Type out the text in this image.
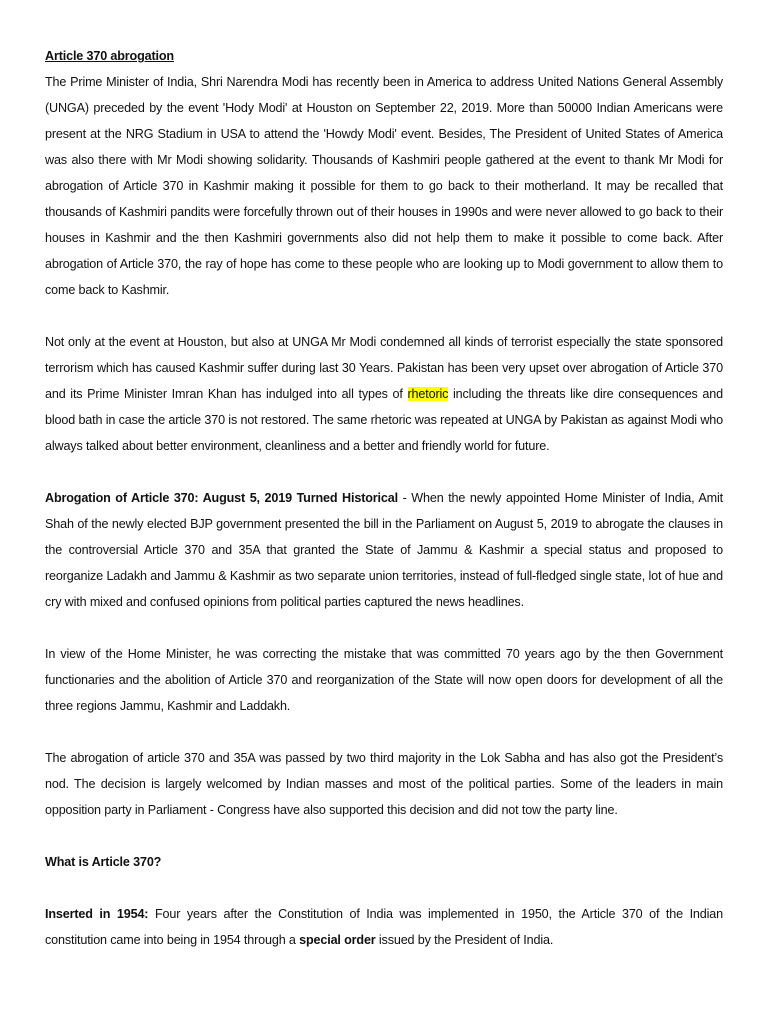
Article 370 abrogation

The Prime Minister of India, Shri Narendra Modi has recently been in America to address United Nations General Assembly (UNGA) preceded by the event 'Hody Modi' at Houston on September 22, 2019. More than 50000 Indian Americans were present at the NRG Stadium in USA to attend the 'Howdy Modi' event. Besides, The President of United States of America was also there with Mr Modi showing solidarity. Thousands of Kashmiri people gathered at the event to thank Mr Modi for abrogation of Article 370 in Kashmir making it possible for them to go back to their motherland. It may be recalled that thousands of Kashmiri pandits were forcefully thrown out of their houses in 1990s and were never allowed to go back to their houses in Kashmir and the then Kashmiri governments also did not help them to make it possible to come back. After abrogation of Article 370, the ray of hope has come to these people who are looking up to Modi government to allow them to come back to Kashmir.

Not only at the event at Houston, but also at UNGA Mr Modi condemned all kinds of terrorist especially the state sponsored terrorism which has caused Kashmir suffer during last 30 Years. Pakistan has been very upset over abrogation of Article 370 and its Prime Minister Imran Khan has indulged into all types of rhetoric including the threats like dire consequences and blood bath in case the article 370 is not restored. The same rhetoric was repeated at UNGA by Pakistan as against Modi who always talked about better environment, cleanliness and a better and friendly world for future.

Abrogation of Article 370: August 5, 2019 Turned Historical - When the newly appointed Home Minister of India, Amit Shah of the newly elected BJP government presented the bill in the Parliament on August 5, 2019 to abrogate the clauses in the controversial Article 370 and 35A that granted the State of Jammu & Kashmir a special status and proposed to reorganize Ladakh and Jammu & Kashmir as two separate union territories, instead of full-fledged single state, lot of hue and cry with mixed and confused opinions from political parties captured the news headlines.

In view of the Home Minister, he was correcting the mistake that was committed 70 years ago by the then Government functionaries and the abolition of Article 370 and reorganization of the State will now open doors for development of all the three regions Jammu, Kashmir and Laddakh.

The abrogation of article 370 and 35A was passed by two third majority in the Lok Sabha and has also got the President’s nod. The decision is largely welcomed by Indian masses and most of the political parties. Some of the leaders in main opposition party in Parliament - Congress have also supported this decision and did not tow the party line.

What is Article 370?

Inserted in 1954: Four years after the Constitution of India was implemented in 1950, the Article 370 of the Indian constitution came into being in 1954 through a special order issued by the President of India.
